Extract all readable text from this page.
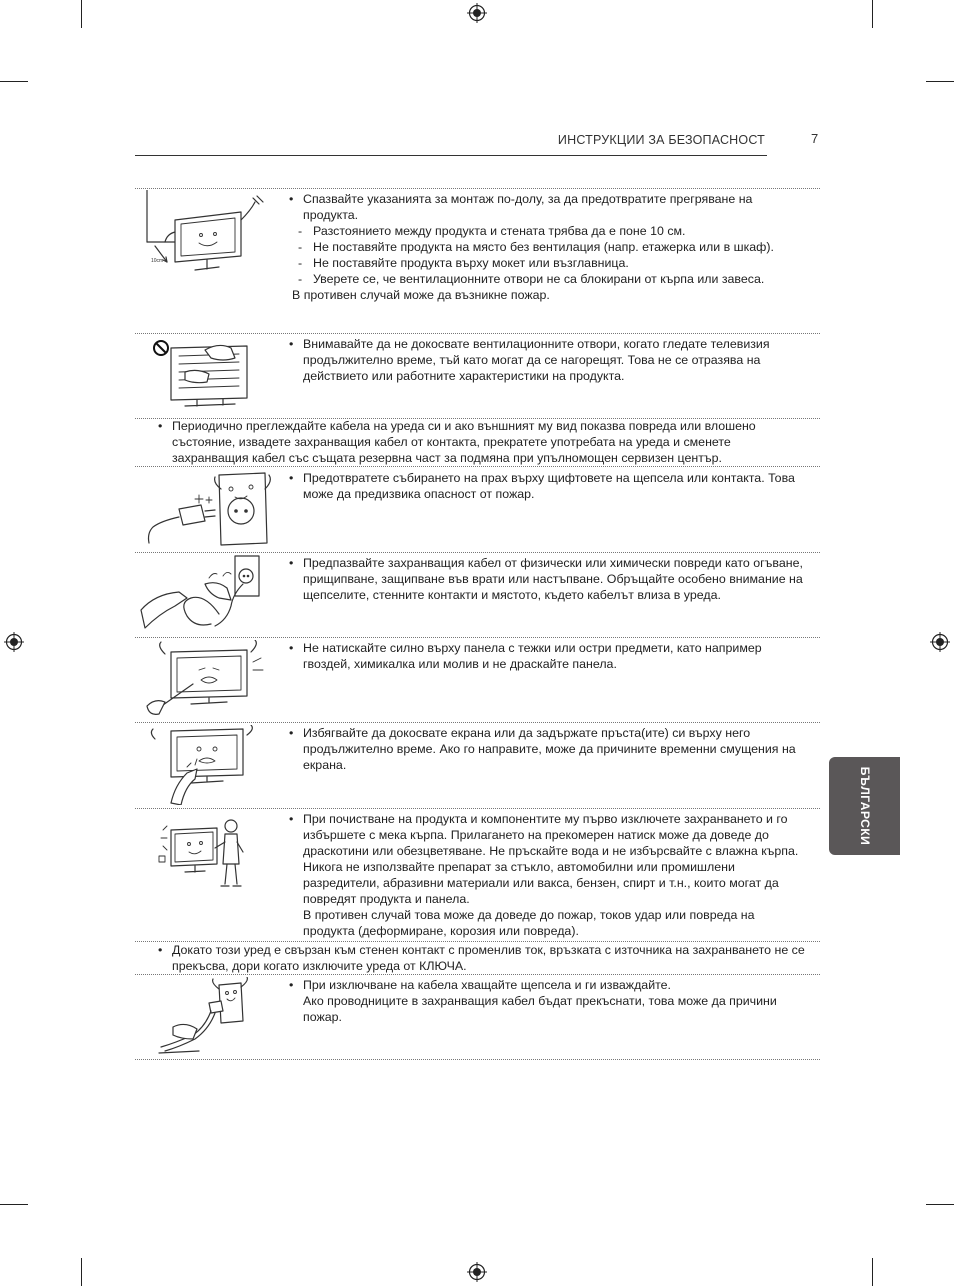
ИНСТРУКЦИИ ЗА БЕЗОПАСНОСТ	7
БЪЛГАРСКИ
10cm
• Спазвайте указанията за монтаж по-долу, за да предотвратите прегряване на продукта.
- Разстоянието между продукта и стената трябва да е поне 10 см.
- Не поставяйте продукта на място без вентилация (напр. етажерка или в шкаф).
- Не поставяйте продукта върху мокет или възглавница.
- Уверете се, че вентилационните отвори не са блокирани от кърпа или завеса.
В противен случай може да възникне пожар.
• Внимавайте да не докосвате вентилационните отвори, когато гледате телевизия продължително време, тъй като могат да се нагорещят. Това не се отразява на действието или работните характеристики на продукта.
• Периодично преглеждайте кабела на уреда си и ако външният му вид показва повреда или влошено състояние, извадете захранващия кабел от контакта, прекратете употребата на уреда и сменете захранващия кабел със същата резервна част за подмяна при упълномощен сервизен център.
• Предотвратете събирането на прах върху щифтовете на щепсела или контакта. Това може да предизвика опасност от пожар.
• Предпазвайте захранващия кабел от физически или химически повреди като огъване, прищипване, защипване във врати или настъпване. Обръщайте особено внимание на щепселите, стенните контакти и мястото, където кабелът влиза в уреда.
• Не натискайте силно върху панела с тежки или остри предмети, като например гвоздей, химикалка или молив и не драскайте панела.
• Избягвайте да докосвате екрана или да задържате пръста(ите) си върху него продължително време. Ако го направите, може да причините временни смущения на екрана.
• При почистване на продукта и компонентите му първо изключете захранването и го избършете с мека кърпа. Прилагането на прекомерен натиск може да доведе до драскотини или обезцветяване. Не пръскайте вода и не избърсвайте с влажна кърпа. Никога не използвайте препарат за стъкло, автомобилни или промишлени разредители, абразивни материали или вакса, бензен, спирт и т.н., които могат да повредят продукта и панела.
В противен случай това може да доведе до пожар, токов удар или повреда на продукта (деформиране, корозия или повреда).
• Докато този уред е свързан към стенен контакт с променлив ток, връзката с източника на захранването не се прекъсва, дори когато изключите уреда от КЛЮЧА.
• При изключване на кабела хващайте щепсела и ги изваждайте.
Ако проводниците в захранващия кабел бъдат прекъснати, това може да причини пожар.
